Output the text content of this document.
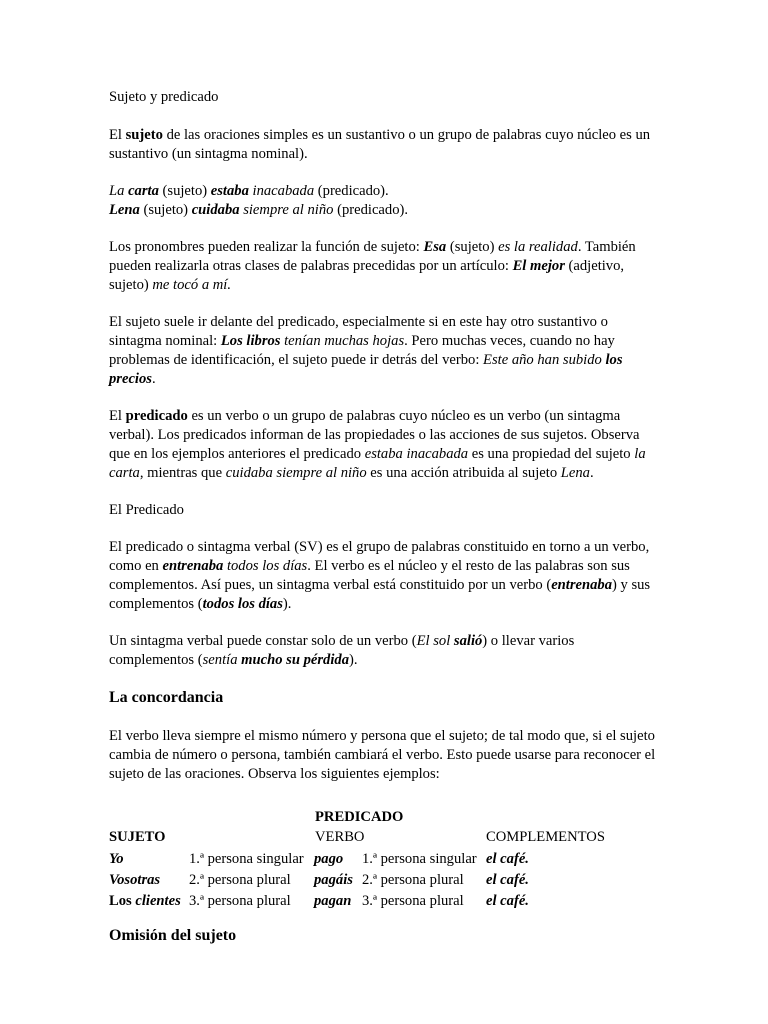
Sujeto y predicado

El sujeto de las oraciones simples es un sustantivo o un grupo de palabras cuyo núcleo es un sustantivo (un sintagma nominal).

La carta (sujeto) estaba inacabada (predicado).
Lena (sujeto) cuidaba siempre al niño (predicado).

Los pronombres pueden realizar la función de sujeto: Esa (sujeto) es la realidad. También pueden realizarla otras clases de palabras precedidas por un artículo: El mejor (adjetivo, sujeto) me tocó a mí.

El sujeto suele ir delante del predicado, especialmente si en este hay otro sustantivo o sintagma nominal: Los libros tenían muchas hojas. Pero muchas veces, cuando no hay problemas de identificación, el sujeto puede ir detrás del verbo: Este año han subido los precios.

El predicado es un verbo o un grupo de palabras cuyo núcleo es un verbo (un sintagma verbal). Los predicados informan de las propiedades o las acciones de sus sujetos. Observa que en los ejemplos anteriores el predicado estaba inacabada es una propiedad del sujeto la carta, mientras que cuidaba siempre al niño es una acción atribuida al sujeto Lena.

El Predicado

El predicado o sintagma verbal (SV) es el grupo de palabras constituido en torno a un verbo, como en entrenaba todos los días. El verbo es el núcleo y el resto de las palabras son sus complementos. Así pues, un sintagma verbal está constituido por un verbo (entrenaba) y sus complementos (todos los días).

Un sintagma verbal puede constar solo de un verbo (El sol salió) o llevar varios complementos (sentía mucho su pérdida).

La concordancia

El verbo lleva siempre el mismo número y persona que el sujeto; de tal modo que, si el sujeto cambia de número o persona, también cambiará el verbo. Esto puede usarse para reconocer el sujeto de las oraciones. Observa los siguientes ejemplos:

SUJETO
PREDICADO
VERBO	COMPLEMENTOS
Yo	1.ª persona singular pago 1.ª persona singular el café.
Vosotras 2.ª persona plural pagáis 2.ª persona plural el café.
Los clientes 3.ª persona plural pagan 3.ª persona plural el café.
Omisión del sujeto
